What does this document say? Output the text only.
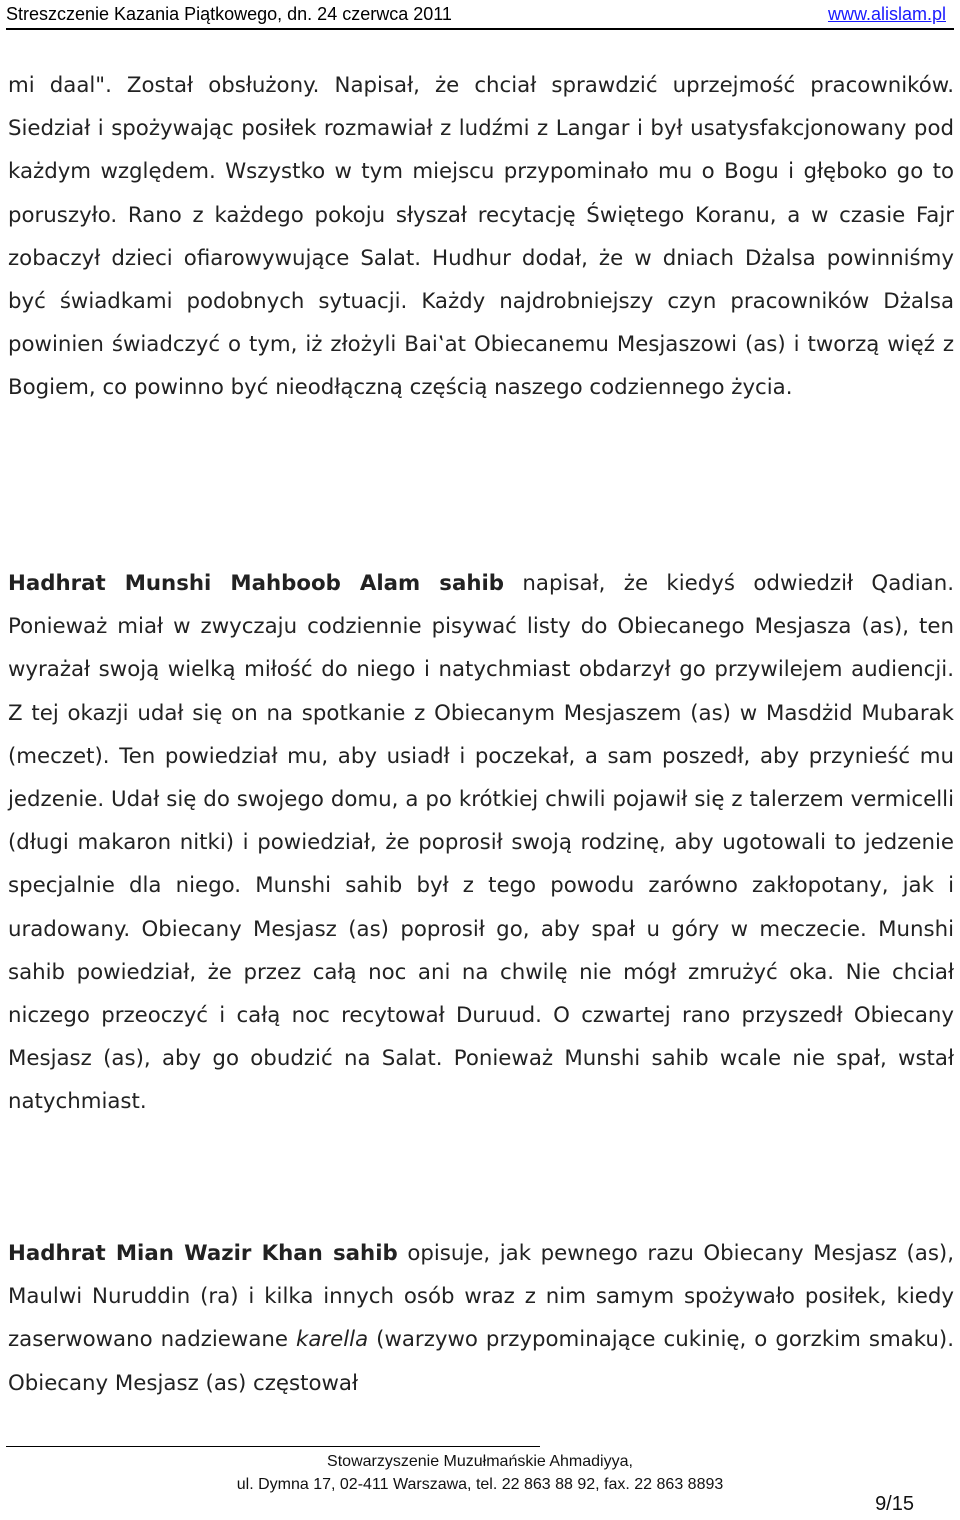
Streszczenie Kazania Piątkowego, dn. 24 czerwca 2011	www.alislam.pl

mi daal". Został obsłużony. Napisał, że chciał sprawdzić uprzejmość pracowników. Siedział i spożywając posiłek rozmawiał z ludźmi z Langar i był usatysfakcjonowany pod każdym względem. Wszystko w tym miejscu przypominało mu o Bogu i głęboko go to poruszyło. Rano z każdego pokoju słyszał recytację Świętego Koranu, a w czasie Fajr zobaczył dzieci ofiarowywujące Salat. Hudhur dodał, że w dniach Dżalsa powinniśmy być świadkami podobnych sytuacji. Każdy najdrobniejszy czyn pracowników Dżalsa powinien świadczyć o tym, iż złożyli Bai‛at Obiecanemu Mesjaszowi (as) i tworzą więź z Bogiem, co powinno być nieodłączną częścią naszego codziennego życia.

Hadhrat Munshi Mahboob Alam sahib napisał, że kiedyś odwiedził Qadian. Ponieważ miał w zwyczaju codziennie pisywać listy do Obiecanego Mesjasza (as), ten wyrażał swoją wielką miłość do niego i natychmiast obdarzył go przywilejem audiencji. Z tej okazji udał się on na spotkanie z Obiecanym Mesjaszem (as) w Masdżid Mubarak (meczet). Ten powiedział mu, aby usiadł i poczekał, a sam poszedł, aby przynieść mu jedzenie. Udał się do swojego domu, a po krótkiej chwili pojawił się z talerzem vermicelli (długi makaron nitki) i powiedział, że poprosił swoją rodzinę, aby ugotowali to jedzenie specjalnie dla niego. Munshi sahib był z tego powodu zarówno zakłopotany, jak i uradowany. Obiecany Mesjasz (as) poprosił go, aby spał u góry w meczecie. Munshi sahib powiedział, że przez całą noc ani na chwilę nie mógł zmrużyć oka. Nie chciał niczego przeoczyć i całą noc recytował Duruud. O czwartej rano przyszedł Obiecany Mesjasz (as), aby go obudzić na Salat. Ponieważ Munshi sahib wcale nie spał, wstał natychmiast.

Hadhrat Mian Wazir Khan sahib opisuje, jak pewnego razu Obiecany Mesjasz (as), Maulwi Nuruddin (ra) i kilka innych osób wraz z nim samym spożywało posiłek, kiedy zaserwowano nadziewane karella (warzywo przypominające cukinię, o gorzkim smaku). Obiecany Mesjasz (as) częstował

Stowarzyszenie Muzułmańskie Ahmadiyya,
ul. Dymna 17, 02-411 Warszawa, tel. 22 863 88 92, fax. 22 863 8893
9/15
